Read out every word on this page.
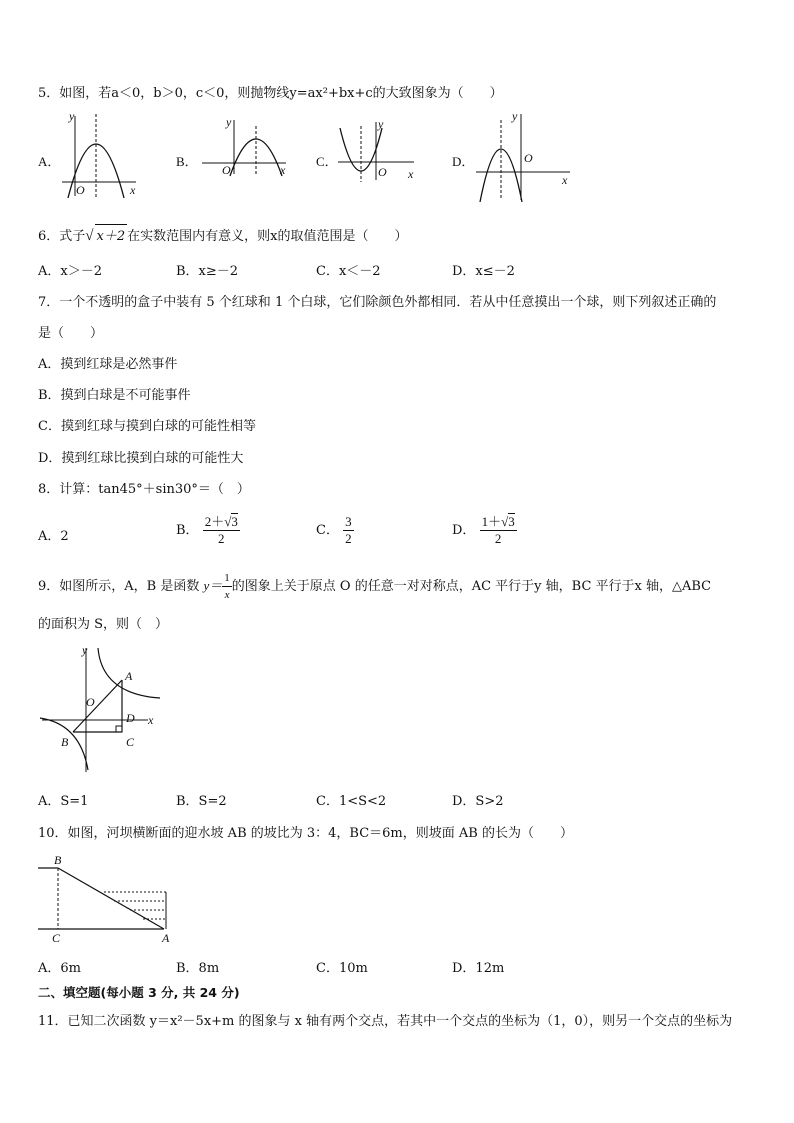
5．如图，若a＜0，b＞0，c＜0，则抛物线y=ax²+bx+c的大致图象为（　　）
A．
y
x
O
B．
y
x
O
C．
y
x
O
D．
y
x
O
6．式子√ x＋2 在实数范围内有意义，则x的取值范围是（　　）
A．x＞－2	B．x≥－2	C．x＜－2	D．x≤－2
7．一个不透明的盒子中装有 5 个红球和 1 个白球，它们除颜色外都相同．若从中任意摸出一个球，则下列叙述正确的
是（　　）
A．摸到红球是必然事件
B．摸到白球是不可能事件
C．摸到红球与摸到白球的可能性相等
D．摸到红球比摸到白球的可能性大
8．计算：tan45°＋sin30°＝（　）
A．2	B． $\frac{2+√3}{2}$	C． $\frac{3}{2}$	D． $\frac{1+√3}{2}$
9．如图所示，A，B 是函数 $y= \frac{1}{x}$ 的图象上关于原点 O 的任意一对对称点，AC 平行于y 轴，BC 平行于x 轴，△ABC
的面积为 S，则（　）
y
x
O
A
B	C
D
A．S=1	B．S=2	C．1<S<2	D．S>2
10．如图，河坝横断面的迎水坡 AB 的坡比为 3：4，BC＝6m，则坡面 AB 的长为（　　）
B
C	A
A．6m	B．8m	C．10m	D．12m
二、填空题(每小题 3 分, 共 24 分)
11．已知二次函数 y＝x²－5x+m 的图象与 x 轴有两个交点，若其中一个交点的坐标为（1，0），则另一个交点的坐标为
